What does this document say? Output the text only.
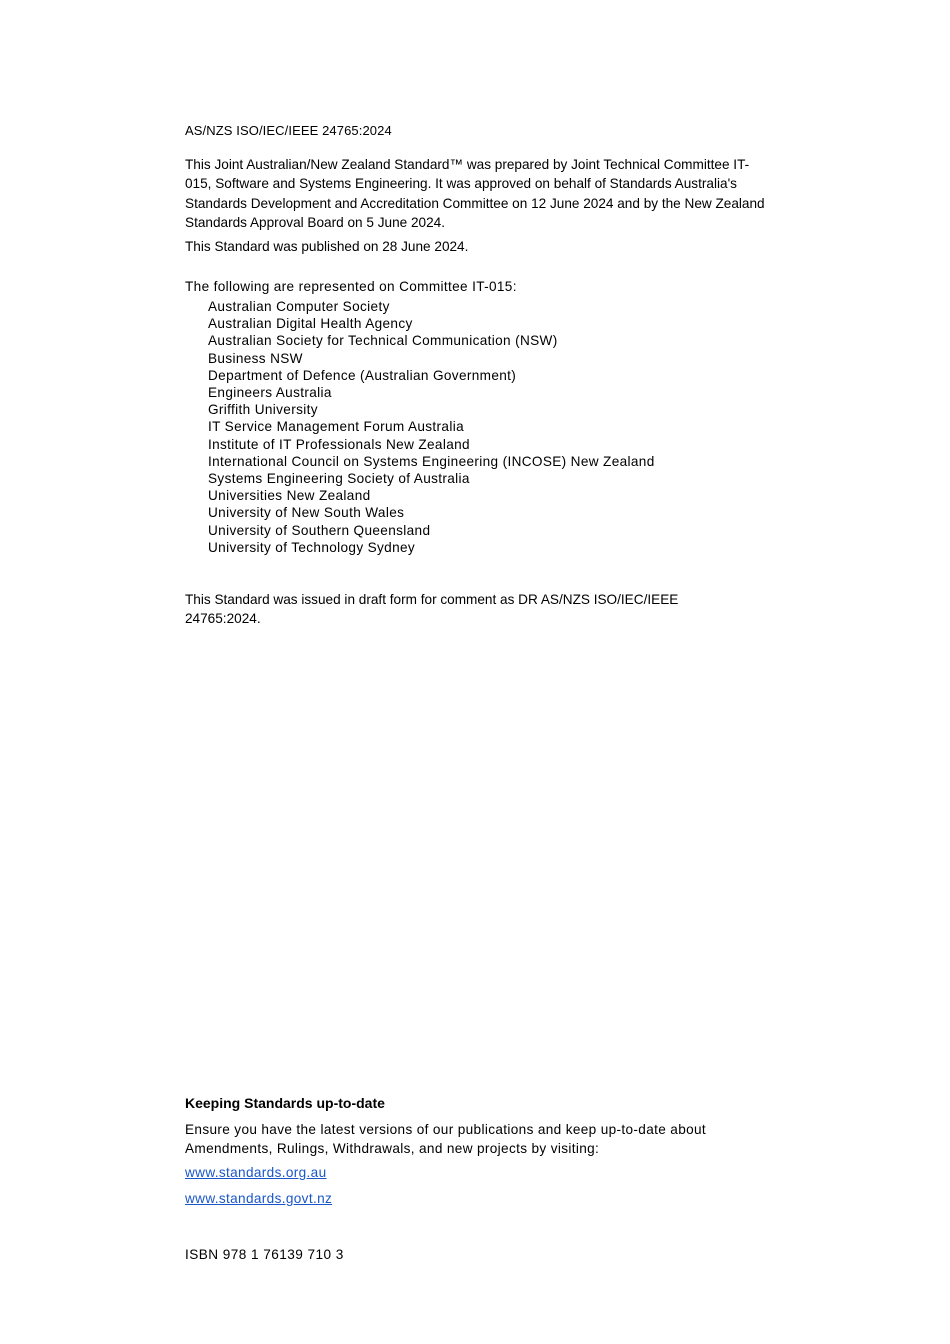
AS/NZS ISO/IEC/IEEE 24765:2024
This Joint Australian/New Zealand Standard™ was prepared by Joint Technical Committee IT-015, Software and Systems Engineering. It was approved on behalf of Standards Australia's Standards Development and Accreditation Committee on 12 June 2024 and by the New Zealand Standards Approval Board on 5 June 2024.
This Standard was published on 28 June 2024.
The following are represented on Committee IT-015:
Australian Computer Society
Australian Digital Health Agency
Australian Society for Technical Communication (NSW)
Business NSW
Department of Defence (Australian Government)
Engineers Australia
Griffith University
IT Service Management Forum Australia
Institute of IT Professionals New Zealand
International Council on Systems Engineering (INCOSE) New Zealand
Systems Engineering Society of Australia
Universities New Zealand
University of New South Wales
University of Southern Queensland
University of Technology Sydney
This Standard was issued in draft form for comment as DR AS/NZS ISO/IEC/IEEE 24765:2024.
Keeping Standards up-to-date
Ensure you have the latest versions of our publications and keep up-to-date about Amendments, Rulings, Withdrawals, and new projects by visiting:
www.standards.org.au
www.standards.govt.nz
ISBN 978 1 76139 710 3
